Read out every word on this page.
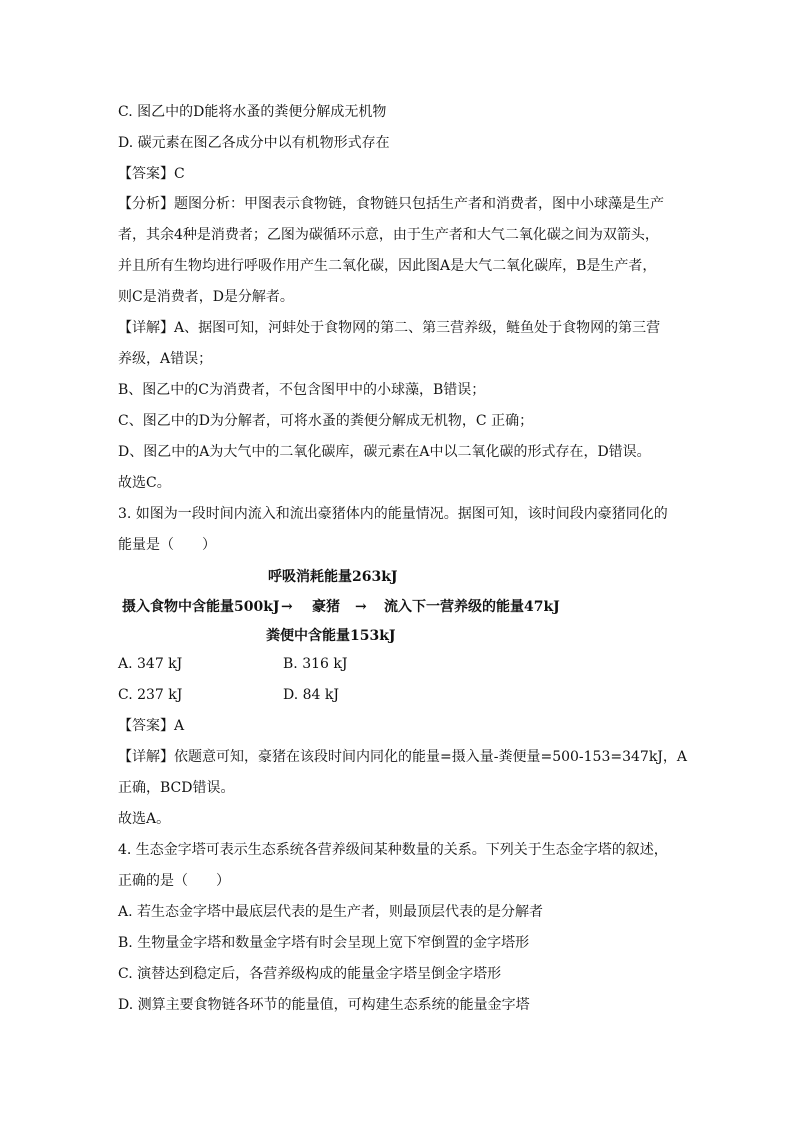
C. 图乙中的D能将水蚤的粪便分解成无机物
D. 碳元素在图乙各成分中以有机物形式存在
【答案】C
【分析】题图分析：甲图表示食物链，食物链只包括生产者和消费者，图中小球藻是生产
者，其余4种是消费者；乙图为碳循环示意，由于生产者和大气二氧化碳之间为双箭头，
并且所有生物均进行呼吸作用产生二氧化碳，因此图A是大气二氧化碳库，B是生产者，
则C是消费者，D是分解者。
【详解】A、据图可知，河蚌处于食物网的第二、第三营养级，鲢鱼处于食物网的第三营
养级，A错误；
B、图乙中的C为消费者，不包含图甲中的小球藻，B错误；
C、图乙中的D为分解者，可将水蚤的粪便分解成无机物，C 正确；
D、图乙中的A为大气中的二氧化碳库，碳元素在A中以二氧化碳的形式存在，D错误。
故选C。
3. 如图为一段时间内流入和流出豪猪体内的能量情况。据图可知，该时间段内豪猪同化的
能量是（　　）
呼吸消耗能量263kJ
摄入食物中含能量500kJ → 豪猪 → 流入下一营养级的能量47kJ
粪便中含能量153kJ
A. 347 kJ	B. 316 kJ
C. 237 kJ	D. 84 kJ
【答案】A
【详解】依题意可知，豪猪在该段时间内同化的能量=摄入量-粪便量=500-153=347kJ，A
正确，BCD错误。
故选A。
4. 生态金字塔可表示生态系统各营养级间某种数量的关系。下列关于生态金字塔的叙述，
正确的是（　　）
A. 若生态金字塔中最底层代表的是生产者，则最顶层代表的是分解者
B. 生物量金字塔和数量金字塔有时会呈现上宽下窄倒置的金字塔形
C. 演替达到稳定后，各营养级构成的能量金字塔呈倒金字塔形
D. 测算主要食物链各环节的能量值，可构建生态系统的能量金字塔
